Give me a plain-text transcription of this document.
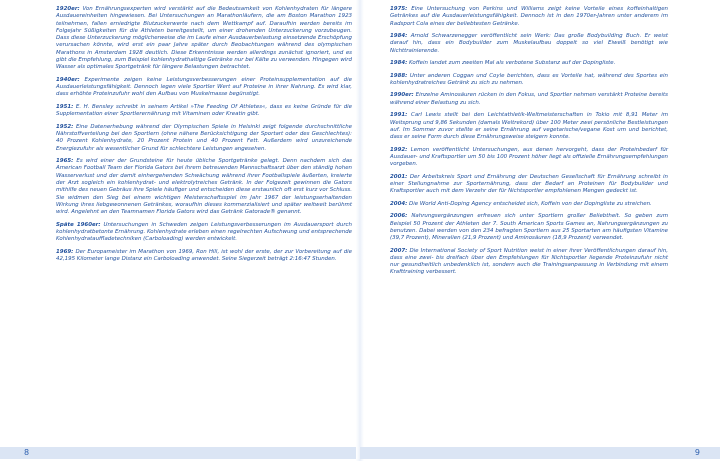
1920er: Von Ernährungsexperten wird verstärkt auf die Bedeutsamkeit von Kohlenhydraten für längere Ausdauereinheiten hingewiesen. Bei Untersuchungen an Marathonläufern, die am Boston Marathon 1923 teilnehmen, fallen erniedrigte Blutzuckerwerte nach dem Wettkampf auf. Daraufhin werden bereits im Folgejahr Süßigkeiten für die Athleten bereitgestellt, um einer drohenden Unterzuckerung vorzubeugen. Dass diese Unterzuckerung möglicherweise die im Laufe einer Ausdauerbelastung einsetzende Erschöpfung verursachen könnte, wird erst ein paar Jahre später durch Beobachtungen während des olympischen Marathons in Amsterdam 1928 deutlich. Diese Erkenntnisse werden allerdings zunächst ignoriert, und es gibt die Empfehlung, zum Beispiel kohlenhydrathaltige Getränke nur bei Kälte zu verwenden. Hingegen wird Wasser als optimales Sportgetränk für längere Belastungen betrachtet.

1940er: Experimente zeigen keine Leistungsverbesserungen einer Proteinsupplementation auf die Ausdauerleistungsfähigkeit. Dennoch legen viele Sportler Wert auf Proteine in ihrer Nahrung. Es wird klar, dass erhöhte Proteinzufuhr wohl den Aufbau von Muskelmasse begünstigt.

1951: E. H. Bensley schreibt in seinem Artikel »The Feeding Of Athletes«, dass es keine Gründe für die Supplementation einer Sportlerernährung mit Vitaminen oder Kreatin gibt.

1952: Eine Datenerhebung während der Olympischen Spiele in Helsinki zeigt folgende durchschnittliche Nährstoffverteilung bei den Sportlern (ohne nähere Berücksichtigung der Sportart oder des Geschlechtes): 40 Prozent Kohlenhydrate, 20 Prozent Protein und 40 Prozent Fett. Außerdem wird unzureichende Energiezufuhr als wesentlicher Grund für schlechtere Leistungen angesehen.

1965: Es wird einer der Grundsteine für heute übliche Sportgetränke gelegt. Denn nachdem sich das American Football Team der Florida Gators bei ihrem betreuenden Mannschaftsarzt über den ständig hohen Wasserverlust und der damit einhergehenden Schwächung während ihrer Footballspiele äußerten, kreierte der Arzt sogleich ein kohlenhydrat- und elektrolytreiches Getränk. In der Folgezeit gewinnen die Gators mithilfe des neuen Gebräus ihre Spiele häufiger und entscheiden diese erstaunlich oft erst kurz vor Schluss. Sie widmen den Sieg bei einem wichtigen Meisterschaftsspiel im Jahr 1967 der leistungserhaltenden Wirkung ihres liebgewonnenen Getränkes, woraufhin dieses kommerzialisiert und später weltweit berühmt wird. Angelehnt an den Teamnamen Florida Gators wird das Getränk Gatorade® genannt.

Späte 1960er: Untersuchungen in Schweden zeigen Leistungsverbesserungen im Ausdauersport durch kohlenhydratbetonte Ernährung. Kohlenhydrate erleben einen regelrechten Aufschwung und entsprechende Kohlenhydratauffladetechniken (Carboloading) werden entwickelt.

1969: Der Europameister im Marathon von 1969, Ron Hill, ist wohl der erste, der zur Vorbereitung auf die 42,195 Kilometer lange Distanz ein Carboloading anwendet. Seine Siegerzeit beträgt 2:16:47 Stunden.

8

1975: Eine Untersuchung von Perkins und Williams zeigt keine Vorteile eines koffeinhaltigen Getränkes auf die Ausdauerleistungsfähigkeit. Dennoch ist in den 1970er-Jahren unter anderem im Radsport Cola eines der beliebtesten Getränke.

1984: Arnold Schwarzenegger veröffentlicht sein Werk: Das große Bodybuilding Buch. Er weist darauf hin, dass ein Bodybuilder zum Muskelaufbau doppelt so viel Eiweiß benötigt wie Nichttrainierende.

1984: Koffein landet zum zweiten Mal als verbotene Substanz auf der Dopingliste.

1988: Unter anderen Coggan und Coyle berichten, dass es Vorteile hat, während des Sportes ein kohlenhydratreiches Getränk zu sich zu nehmen.

1990er: Einzelne Aminosäuren rücken in den Fokus, und Sportler nehmen verstärkt Proteine bereits während einer Belastung zu sich.

1991: Carl Lewis stellt bei den Leichtathletik-Weltmeisterschaften in Tokio mit 8,91 Meter im Weitsprung und 9,86 Sekunden (damals Weltrekord) über 100 Meter zwei persönliche Bestleistungen auf. Im Sommer zuvor stellte er seine Ernährung auf vegetarische/vegane Kost um und berichtet, dass er seine Form durch diese Ernährungsweise steigern konnte.

1992: Lemon veröffentlicht Untersuchungen, aus denen hervorgeht, dass der Proteinbedarf für Ausdauer- und Kraftsportler um 50 bis 100 Prozent höher liegt als offizielle Ernährungsempfehlungen vorgeben.

2001: Der Arbeitskreis Sport und Ernährung der Deutschen Gesellschaft für Ernährung schreibt in einer Stellungnahme zur Sporternährung, dass der Bedarf an Proteinen für Bodybuilder und Kraftsportler auch mit dem Verzehr der für Nichtsportler empfohlenen Mengen gedeckt ist.

2004: Die World Anti-Doping Agency entscheidet sich, Koffein von der Dopingliste zu streichen.

2006: Nahrungsergänzungen erfreuen sich unter Sportlern großer Beliebtheit. So geben zum Beispiel 50 Prozent der Athleten der 7. South American Sports Games an, Nahrungsergänzungen zu benutzen. Dabei werden von den 234 befragten Sportlern aus 25 Sportarten am häufigsten Vitamine (39,7 Prozent), Mineralien (21,9 Prozent) und Aminosäuren (18,9 Prozent) verwendet.

2007: Die International Society of Sport Nutrition weist in einer ihrer Veröffentlichungen darauf hin, dass eine zwei- bis dreifach über den Empfehlungen für Nichtsportler liegende Proteinzufuhr nicht nur gesundheitlich unbedenklich ist, sondern auch die Trainingsanpassung in Verbindung mit einem Krafttraining verbessert.

9
